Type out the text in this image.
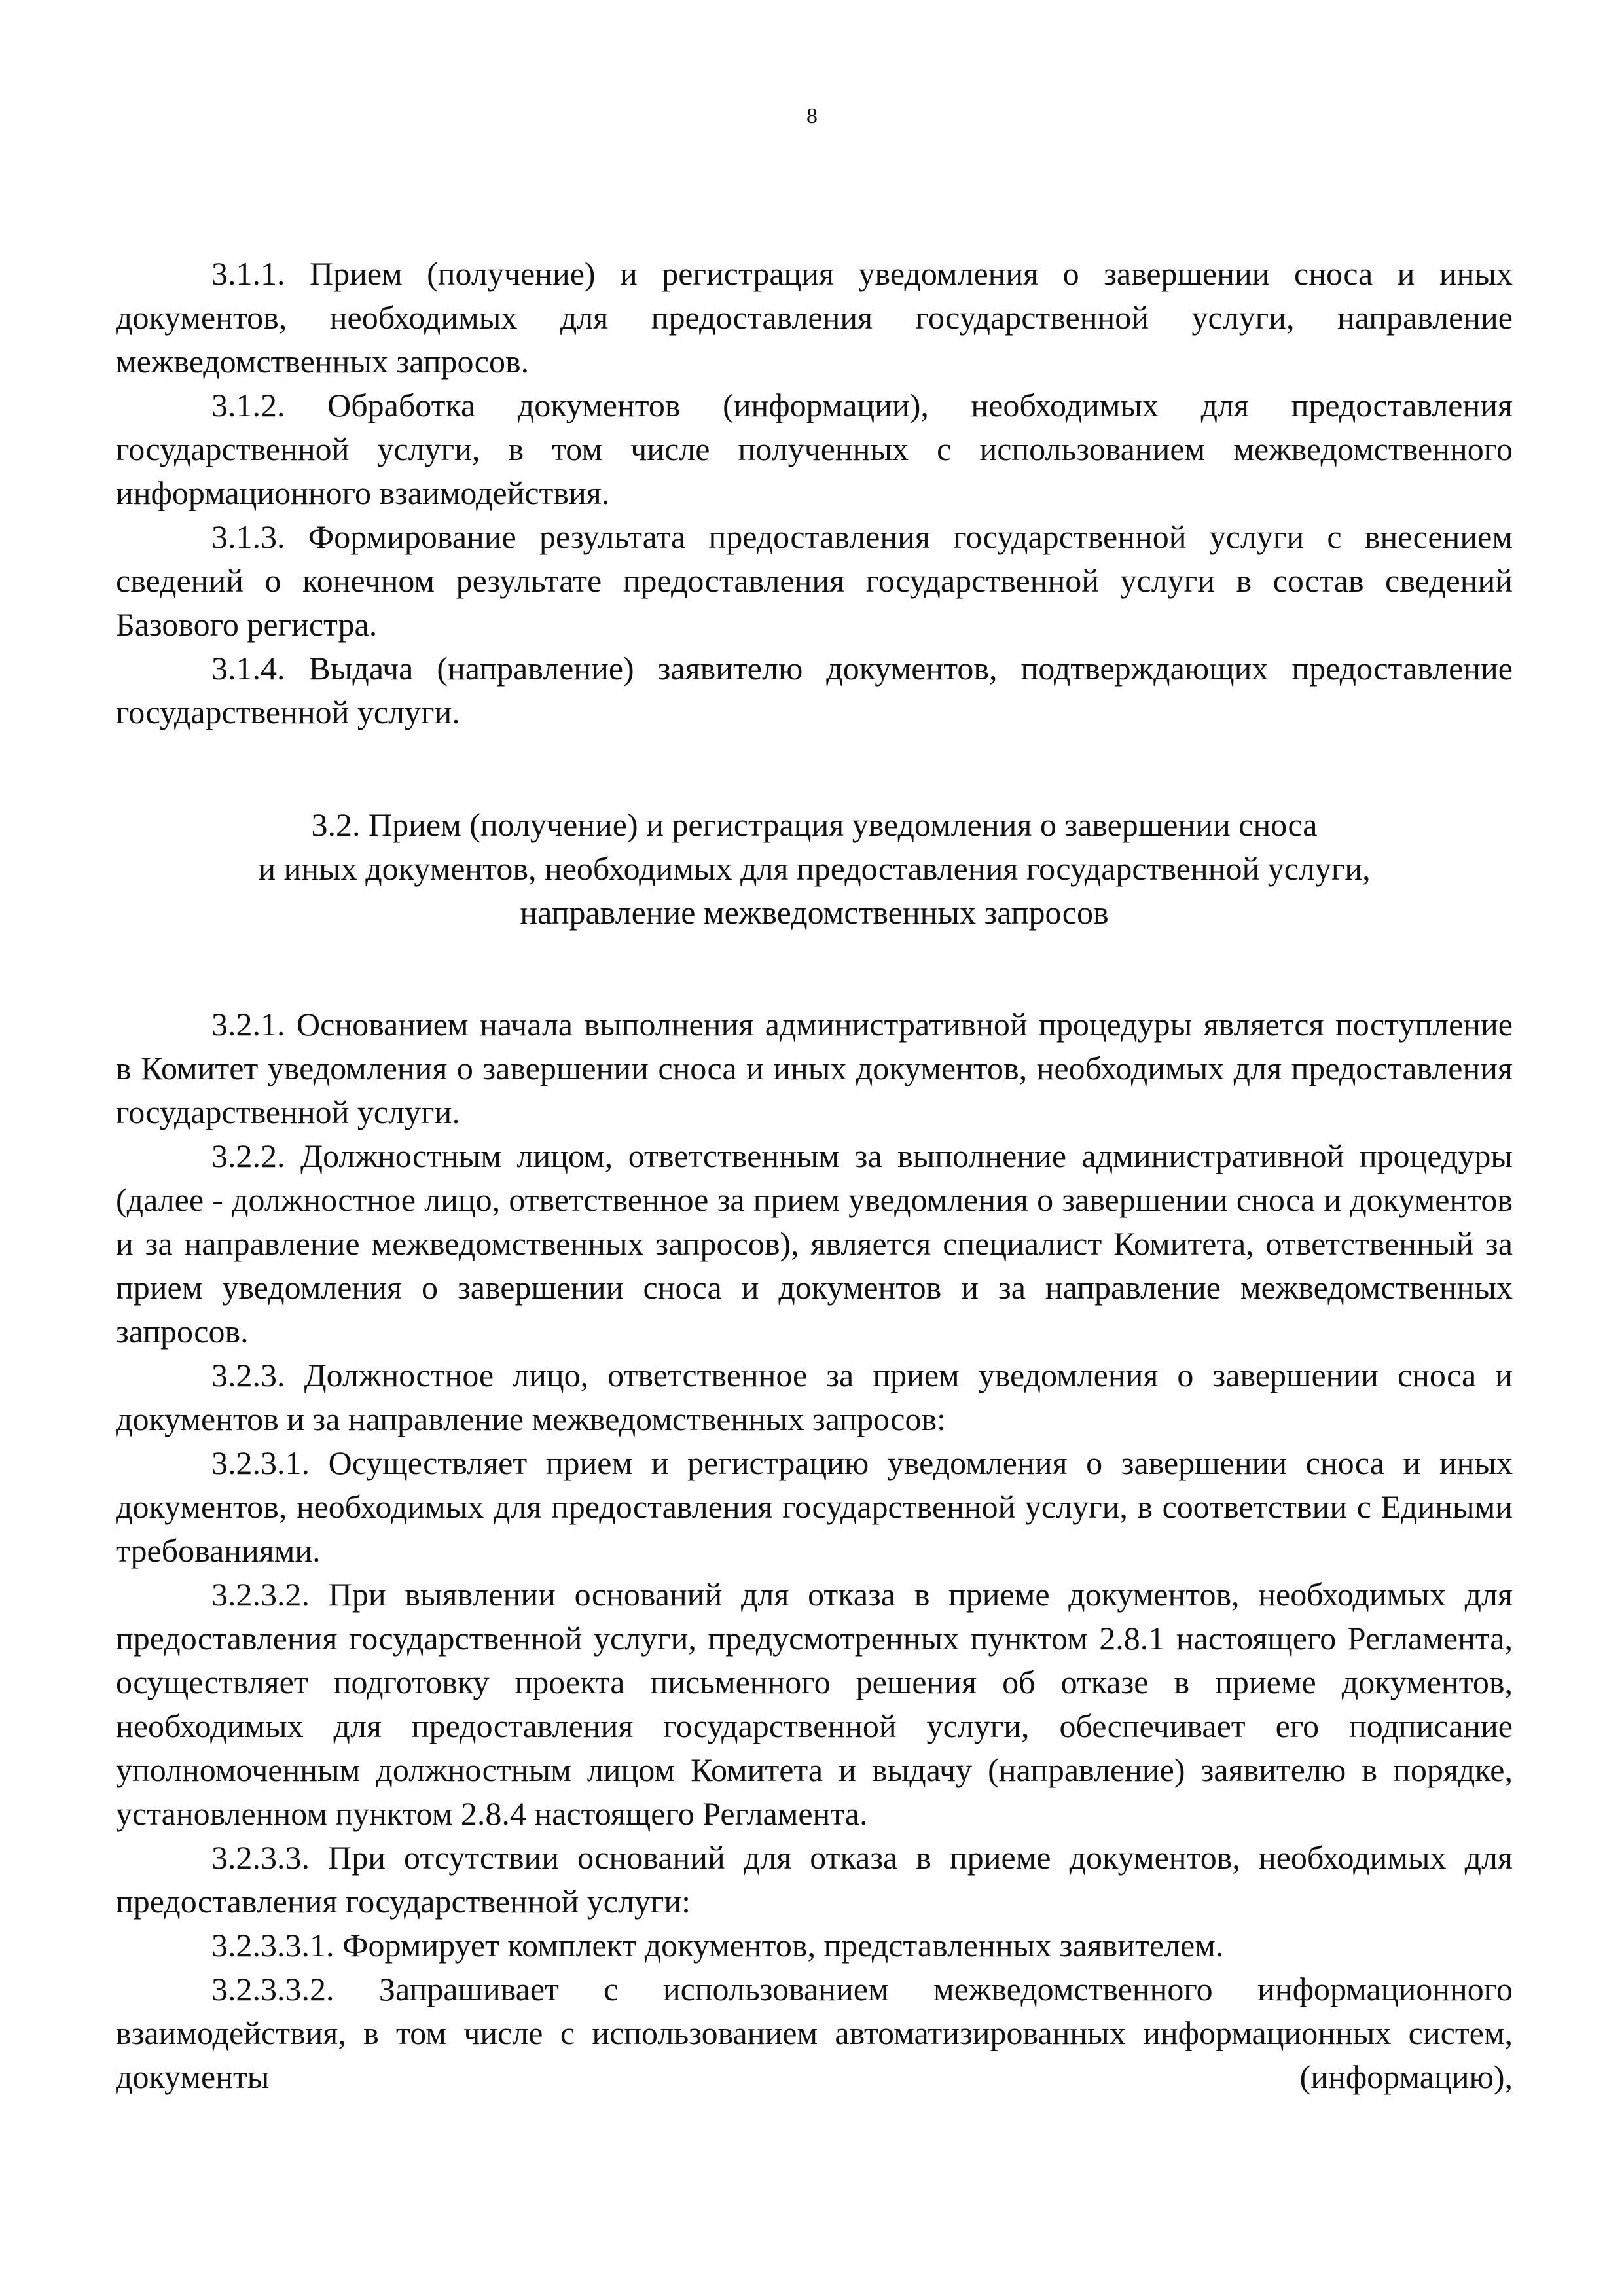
8

3.1.1. Прием (получение) и регистрация уведомления о завершении сноса и иных документов, необходимых для предоставления государственной услуги, направление межведомственных запросов.

3.1.2. Обработка документов (информации), необходимых для предоставления государственной услуги, в том числе полученных с использованием межведомственного информационного взаимодействия.

3.1.3. Формирование результата предоставления государственной услуги с внесением сведений о конечном результате предоставления государственной услуги в состав сведений Базового регистра.

3.1.4. Выдача (направление) заявителю документов, подтверждающих предоставление государственной услуги.

3.2. Прием (получение) и регистрация уведомления о завершении сноса
и иных документов, необходимых для предоставления государственной услуги,
направление межведомственных запросов

3.2.1. Основанием начала выполнения административной процедуры является поступление в Комитет уведомления о завершении сноса и иных документов, необходимых для предоставления государственной услуги.

3.2.2. Должностным лицом, ответственным за выполнение административной процедуры (далее - должностное лицо, ответственное за прием уведомления о завершении сноса и документов и за направление межведомственных запросов), является специалист Комитета, ответственный за прием уведомления о завершении сноса и документов и за направление межведомственных запросов.

3.2.3. Должностное лицо, ответственное за прием уведомления о завершении сноса и документов и за направление межведомственных запросов:

3.2.3.1. Осуществляет прием и регистрацию уведомления о завершении сноса и иных документов, необходимых для предоставления государственной услуги, в соответствии с Едиными требованиями.

3.2.3.2. При выявлении оснований для отказа в приеме документов, необходимых для предоставления государственной услуги, предусмотренных пунктом 2.8.1 настоящего Регламента, осуществляет подготовку проекта письменного решения об отказе в приеме документов, необходимых для предоставления государственной услуги, обеспечивает его подписание уполномоченным должностным лицом Комитета и выдачу (направление) заявителю в порядке, установленном пунктом 2.8.4 настоящего Регламента.

3.2.3.3. При отсутствии оснований для отказа в приеме документов, необходимых для предоставления государственной услуги:

3.2.3.3.1. Формирует комплект документов, представленных заявителем.

3.2.3.3.2. Запрашивает с использованием межведомственного информационного взаимодействия, в том числе с использованием автоматизированных информационных систем, документы (информацию),
